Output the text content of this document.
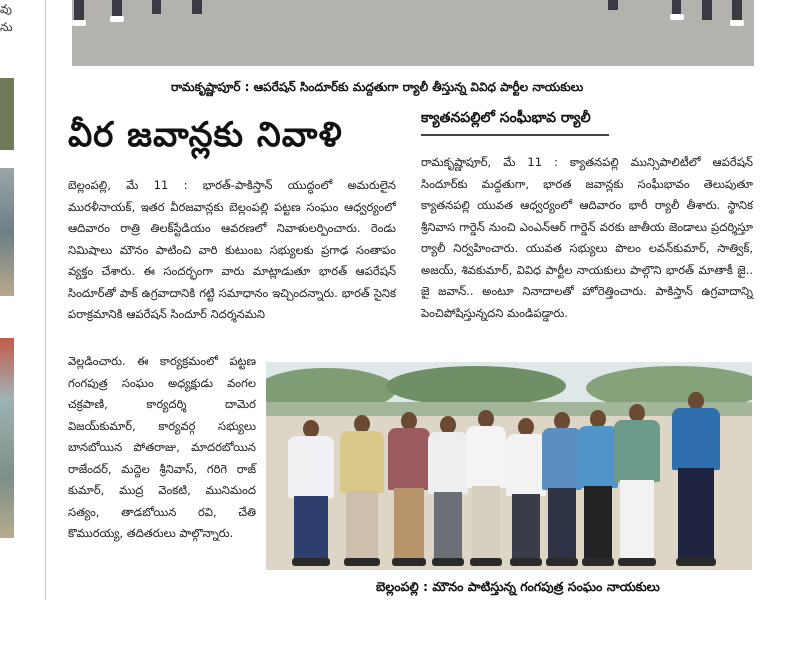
వు
ను
రామకృష్ణాపూర్ : ఆపరేషన్ సిందూర్‌కు మద్దతుగా ర్యాలీ తీస్తున్న వివిధ పార్టీల నాయకులు
వీర జవాన్లకు నివాళి
బెల్లంపల్లి, మే 11 : భారత్‌-పాకిస్తాన్ యుద్ధంలో అమరులైన మురళీనాయక్, ఇతర వీరజవాన్లకు బెల్లంపల్లి పట్టణ సంఘం ఆధ్వర్యంలో ఆదివారం రాత్రి తిలక్‌స్టేడియం ఆవరణలో నివాళులర్పించారు. రెండు నిమిషాలు మౌనం పాటించి వారి కుటుంబ సభ్యులకు ప్రగాఢ సంతాపం వ్యక్తం చేశారు. ఈ సందర్భంగా వారు మాట్లాడుతూ భారత్ ఆపరేషన్ సిందూర్‌తో పాక్ ఉగ్రవాదానికి గట్టి సమాధానం ఇచ్చిందన్నారు. భారత్ సైనిక పరాక్రమానికి ఆపరేషన్ సిందూర్ నిదర్శనమని
వెల్లడించారు. ఈ కార్యక్రమంలో పట్టణ గంగపుత్ర సంఘం అధ్యక్షుడు వంగల చక్రపాణి, కార్యదర్శి దామెర విజయ్‌కుమార్, కార్యవర్గ సభ్యులు బానబోయిన పోతరాజు, మాదరబోయిన రాజేందర్, మద్దెల శ్రీనివాస్, గరిగె రాజ్ కుమార్, ముద్ర వెంకటి, మునిమంద సత్యం, తాడబోయిన రవి, చేతి కొమురయ్య, తదితరులు పాల్గొన్నారు.
క్యాతనపల్లిలో సంఘీభావ ర్యాలీ
రామకృష్ణాపూర్, మే 11 : క్యాతనపల్లి మున్సిపాలిటీలో ఆపరేషన్ సిందూర్‌కు మద్దతుగా, భారత జవాన్లకు సంఘీభావం తెలుపుతూ క్యాతనపల్లి యువత ఆధ్వర్యంలో ఆదివారం భారీ ర్యాలీ తీశారు. స్థానిక శ్రీనివాస గార్డెన్ నుంచి ఎంఎన్ఆర్ గార్డెన్ వరకు జాతీయ జెండాలు ప్రదర్శిస్తూ ర్యాలీ నిర్వహించారు. యువత సభ్యులు పొలం లవన్‌కుమార్, సాత్విక్, అజయ్, శివకుమార్, వివిధ పార్టీల నాయకులు పాల్గొని భారత్ మాతాకీ జై.. జై జవాన్.. అంటూ నినాదాలతో హోరెత్తించారు. పాకిస్తాన్ ఉగ్రవాదాన్ని పెంచిపోషిస్తున్నదని మండిపడ్డారు.
బెల్లంపల్లి : మౌనం పాటిస్తున్న గంగపుత్ర సంఘం నాయకులు
